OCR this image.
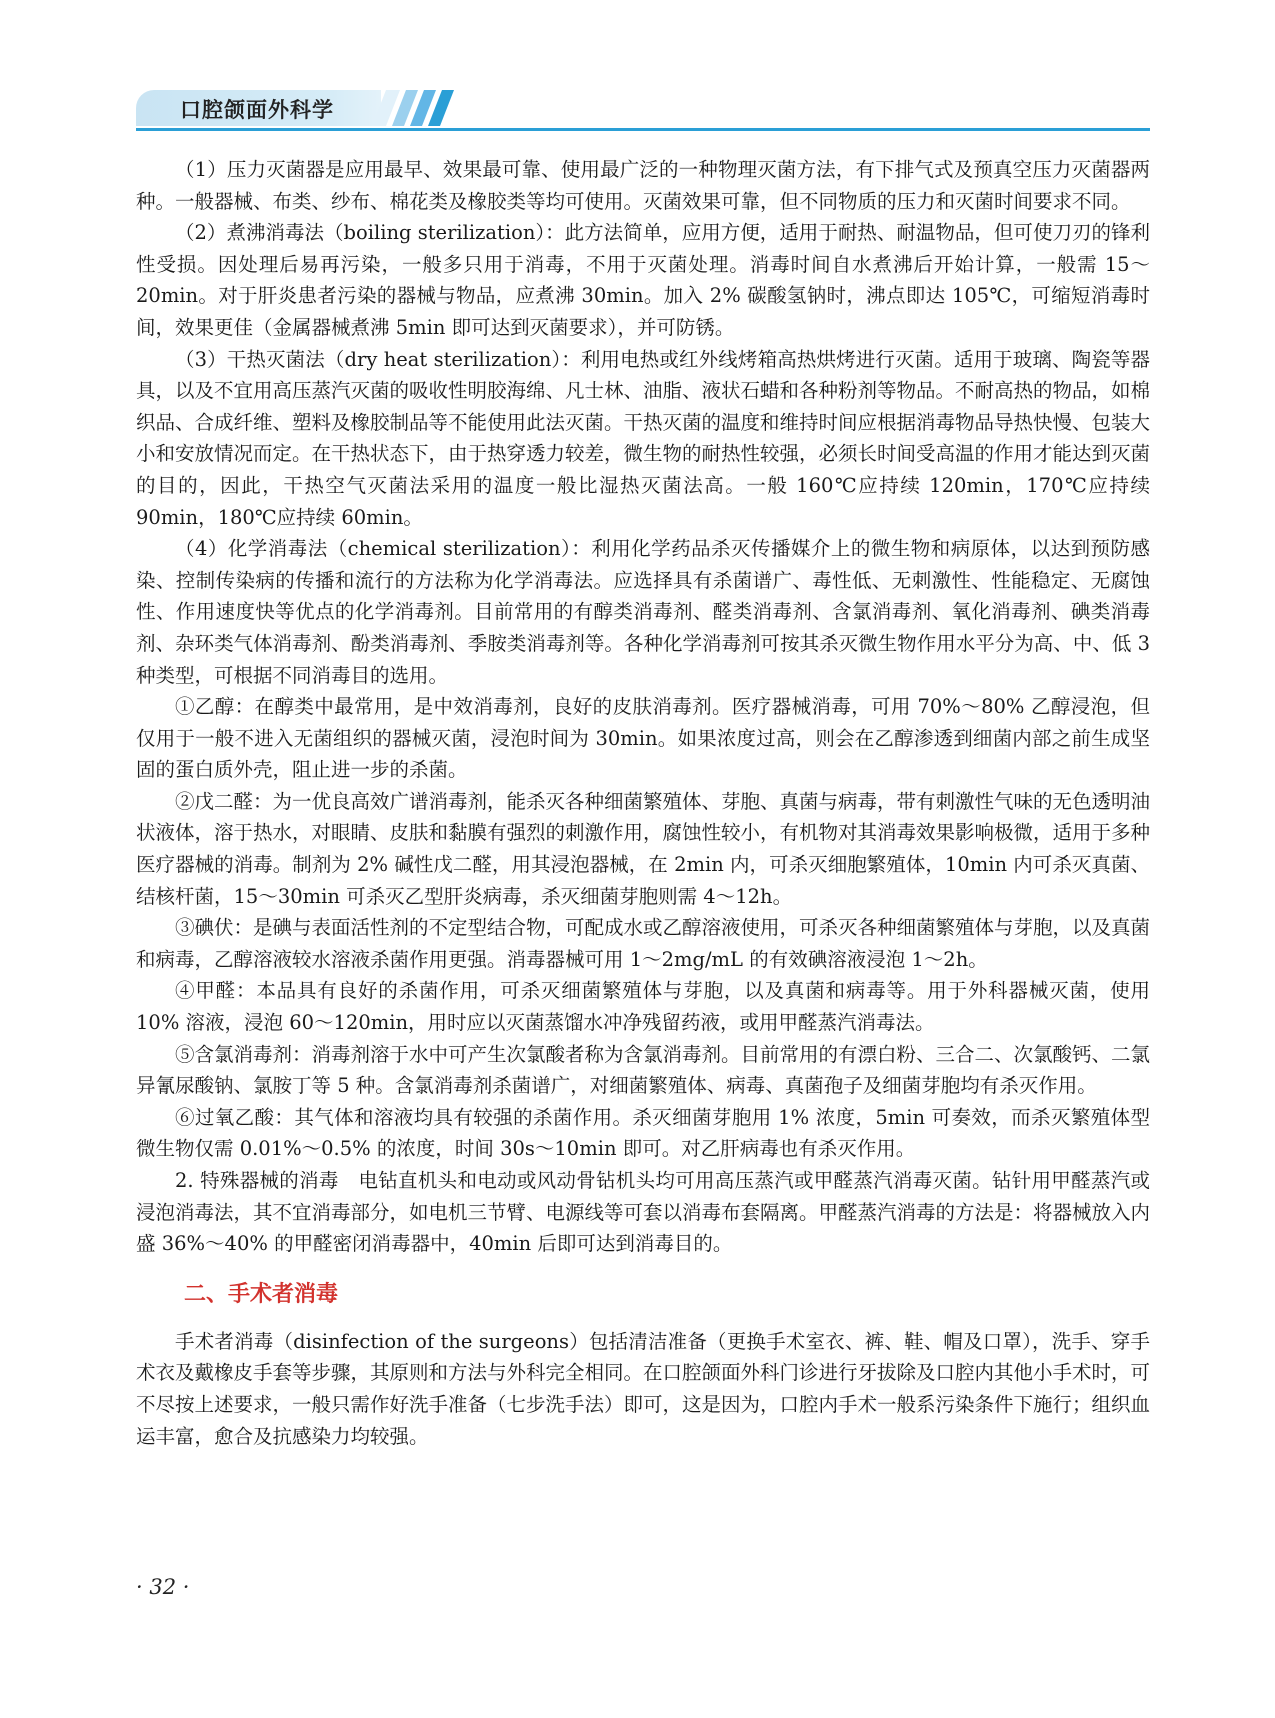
口腔颌面外科学

（1）压力灭菌器是应用最早、效果最可靠、使用最广泛的一种物理灭菌方法，有下排气式及预真空压力灭菌器两种。一般器械、布类、纱布、棉花类及橡胶类等均可使用。灭菌效果可靠，但不同物质的压力和灭菌时间要求不同。

（2）煮沸消毒法（boiling sterilization）：此方法简单，应用方便，适用于耐热、耐温物品，但可使刀刃的锋利性受损。因处理后易再污染，一般多只用于消毒，不用于灭菌处理。消毒时间自水煮沸后开始计算，一般需 15～20min。对于肝炎患者污染的器械与物品，应煮沸 30min。加入 2% 碳酸氢钠时，沸点即达 105℃，可缩短消毒时间，效果更佳（金属器械煮沸 5min 即可达到灭菌要求），并可防锈。

（3）干热灭菌法（dry heat sterilization）：利用电热或红外线烤箱高热烘烤进行灭菌。适用于玻璃、陶瓷等器具，以及不宜用高压蒸汽灭菌的吸收性明胶海绵、凡士林、油脂、液状石蜡和各种粉剂等物品。不耐高热的物品，如棉织品、合成纤维、塑料及橡胶制品等不能使用此法灭菌。干热灭菌的温度和维持时间应根据消毒物品导热快慢、包装大小和安放情况而定。在干热状态下，由于热穿透力较差，微生物的耐热性较强，必须长时间受高温的作用才能达到灭菌的目的，因此，干热空气灭菌法采用的温度一般比湿热灭菌法高。一般 160℃应持续 120min，170℃应持续 90min，180℃应持续 60min。

（4）化学消毒法（chemical sterilization）：利用化学药品杀灭传播媒介上的微生物和病原体，以达到预防感染、控制传染病的传播和流行的方法称为化学消毒法。应选择具有杀菌谱广、毒性低、无刺激性、性能稳定、无腐蚀性、作用速度快等优点的化学消毒剂。目前常用的有醇类消毒剂、醛类消毒剂、含氯消毒剂、氧化消毒剂、碘类消毒剂、杂环类气体消毒剂、酚类消毒剂、季胺类消毒剂等。各种化学消毒剂可按其杀灭微生物作用水平分为高、中、低 3 种类型，可根据不同消毒目的选用。

①乙醇：在醇类中最常用，是中效消毒剂，良好的皮肤消毒剂。医疗器械消毒，可用 70%～80% 乙醇浸泡，但仅用于一般不进入无菌组织的器械灭菌，浸泡时间为 30min。如果浓度过高，则会在乙醇渗透到细菌内部之前生成坚固的蛋白质外壳，阻止进一步的杀菌。

②戊二醛：为一优良高效广谱消毒剂，能杀灭各种细菌繁殖体、芽胞、真菌与病毒，带有刺激性气味的无色透明油状液体，溶于热水，对眼睛、皮肤和黏膜有强烈的刺激作用，腐蚀性较小，有机物对其消毒效果影响极微，适用于多种医疗器械的消毒。制剂为 2% 碱性戊二醛，用其浸泡器械，在 2min 内，可杀灭细胞繁殖体，10min 内可杀灭真菌、结核杆菌，15～30min 可杀灭乙型肝炎病毒，杀灭细菌芽胞则需 4～12h。

③碘伏：是碘与表面活性剂的不定型结合物，可配成水或乙醇溶液使用，可杀灭各种细菌繁殖体与芽胞，以及真菌和病毒，乙醇溶液较水溶液杀菌作用更强。消毒器械可用 1～2mg/mL 的有效碘溶液浸泡 1～2h。

④甲醛：本品具有良好的杀菌作用，可杀灭细菌繁殖体与芽胞，以及真菌和病毒等。用于外科器械灭菌，使用 10% 溶液，浸泡 60～120min，用时应以灭菌蒸馏水冲净残留药液，或用甲醛蒸汽消毒法。

⑤含氯消毒剂：消毒剂溶于水中可产生次氯酸者称为含氯消毒剂。目前常用的有漂白粉、三合二、次氯酸钙、二氯异氰尿酸钠、氯胺丁等 5 种。含氯消毒剂杀菌谱广，对细菌繁殖体、病毒、真菌孢子及细菌芽胞均有杀灭作用。

⑥过氧乙酸：其气体和溶液均具有较强的杀菌作用。杀灭细菌芽胞用 1% 浓度，5min 可奏效，而杀灭繁殖体型微生物仅需 0.01%～0.5% 的浓度，时间 30s～10min 即可。对乙肝病毒也有杀灭作用。

2. 特殊器械的消毒　电钻直机头和电动或风动骨钻机头均可用高压蒸汽或甲醛蒸汽消毒灭菌。钻针用甲醛蒸汽或浸泡消毒法，其不宜消毒部分，如电机三节臂、电源线等可套以消毒布套隔离。甲醛蒸汽消毒的方法是：将器械放入内盛 36%～40% 的甲醛密闭消毒器中，40min 后即可达到消毒目的。

二、手术者消毒

手术者消毒（disinfection of the surgeons）包括清洁准备（更换手术室衣、裤、鞋、帽及口罩），洗手、穿手术衣及戴橡皮手套等步骤，其原则和方法与外科完全相同。在口腔颌面外科门诊进行牙拔除及口腔内其他小手术时，可不尽按上述要求，一般只需作好洗手准备（七步洗手法）即可，这是因为，口腔内手术一般系污染条件下施行；组织血运丰富，愈合及抗感染力均较强。

· 32 ·
